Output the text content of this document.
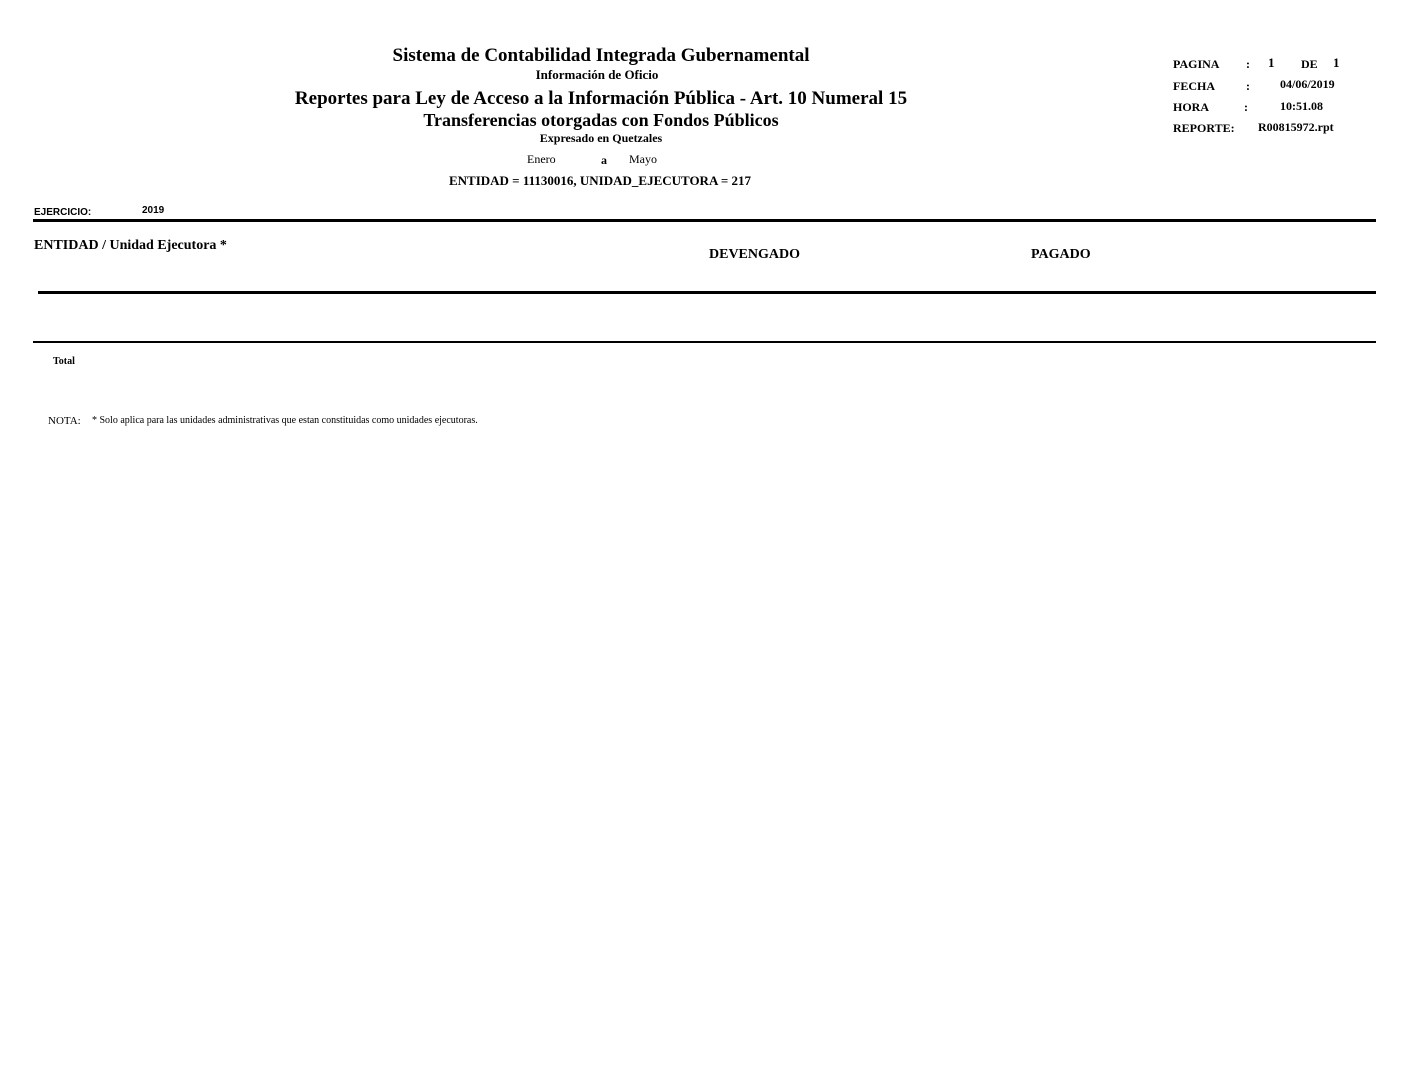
Sistema de Contabilidad Integrada Gubernamental
Información de Oficio
Reportes para Ley de Acceso a la Información Pública - Art. 10 Numeral 15
Transferencias otorgadas con Fondos Públicos
Expresado en Quetzales
Enero	a Mayo
ENTIDAD = 11130016, UNIDAD_EJECUTORA = 217
PAGINA : 1 DE 1
FECHA	:	04/06/2019
HORA	:	10:51.08
REPORTE: R00815972.rpt
EJERCICIO:	2019
ENTIDAD / Unidad Ejecutora *
DEVENGADO	PAGADO
Total
NOTA: * Solo aplica para las unidades administrativas que estan constituidas como unidades ejecutoras.
